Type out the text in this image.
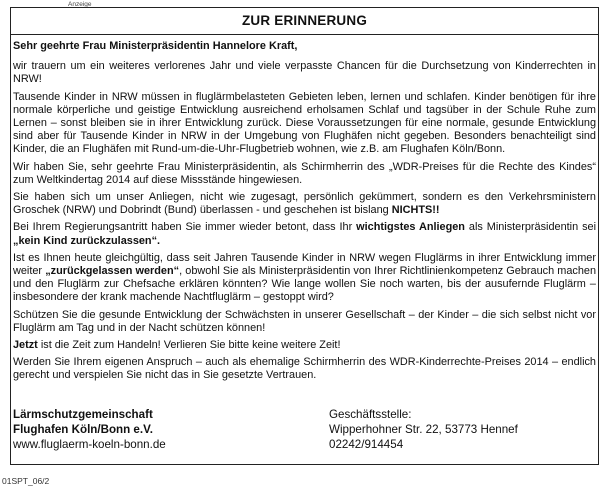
Anzeige
ZUR ERINNERUNG

Sehr geehrte Frau Ministerpräsidentin Hannelore Kraft,

wir trauern um ein weiteres verlorenes Jahr und viele verpasste Chancen für die Durchsetzung von Kinderrechten in NRW!

Tausende Kinder in NRW müssen in fluglärmbelasteten Gebieten leben, lernen und schlafen. Kinder benötigen für ihre normale körperliche und geistige Entwicklung ausreichend erholsamen Schlaf und tagsüber in der Schule Ruhe zum Lernen – sonst bleiben sie in ihrer Entwicklung zurück. Diese Voraussetzungen für eine normale, gesunde Entwicklung sind aber für Tausende Kinder in NRW in der Umgebung von Flughäfen nicht gegeben. Besonders benachteiligt sind Kinder, die an Flughäfen mit Rund-um-die-Uhr-Flugbetrieb wohnen, wie z.B. am Flughafen Köln/Bonn.

Wir haben Sie, sehr geehrte Frau Ministerpräsidentin, als Schirmherrin des „WDR-Preises für die Rechte des Kindes“ zum Weltkindertag 2014 auf diese Missstände hingewiesen.

Sie haben sich um unser Anliegen, nicht wie zugesagt, persönlich gekümmert, sondern es den Verkehrsministern Groschek (NRW) und Dobrindt (Bund) überlassen - und geschehen ist bislang NICHTS!!

Bei Ihrem Regierungsantritt haben Sie immer wieder betont, dass Ihr wichtigstes Anliegen als Ministerpräsidentin sei „kein Kind zurückzulassen“.

Ist es Ihnen heute gleichgültig, dass seit Jahren Tausende Kinder in NRW wegen Fluglärms in ihrer Entwicklung immer weiter „zurückgelassen werden“, obwohl Sie als Ministerpräsidentin von Ihrer Richtlinienkompetenz Gebrauch machen und den Fluglärm zur Chefsache erklären könnten? Wie lange wollen Sie noch warten, bis der ausufernde Fluglärm – insbesondere der krank machende Nachtfluglärm – gestoppt wird?

Schützen Sie die gesunde Entwicklung der Schwächsten in unserer Gesellschaft – der Kinder – die sich selbst nicht vor Fluglärm am Tag und in der Nacht schützen können!

Jetzt ist die Zeit zum Handeln! Verlieren Sie bitte keine weitere Zeit!

Werden Sie Ihrem eigenen Anspruch – auch als ehemalige Schirmherrin des WDR-Kinderrechte-Preises 2014 – endlich gerecht und verspielen Sie nicht das in Sie gesetzte Vertrauen.

Lärmschutzgemeinschaft
Flughafen Köln/Bonn e.V.
www.fluglaerm-koeln-bonn.de
Geschäftsstelle:
Wipperhohner Str. 22, 53773 Hennef
02242/914454
01SPT_06/2
